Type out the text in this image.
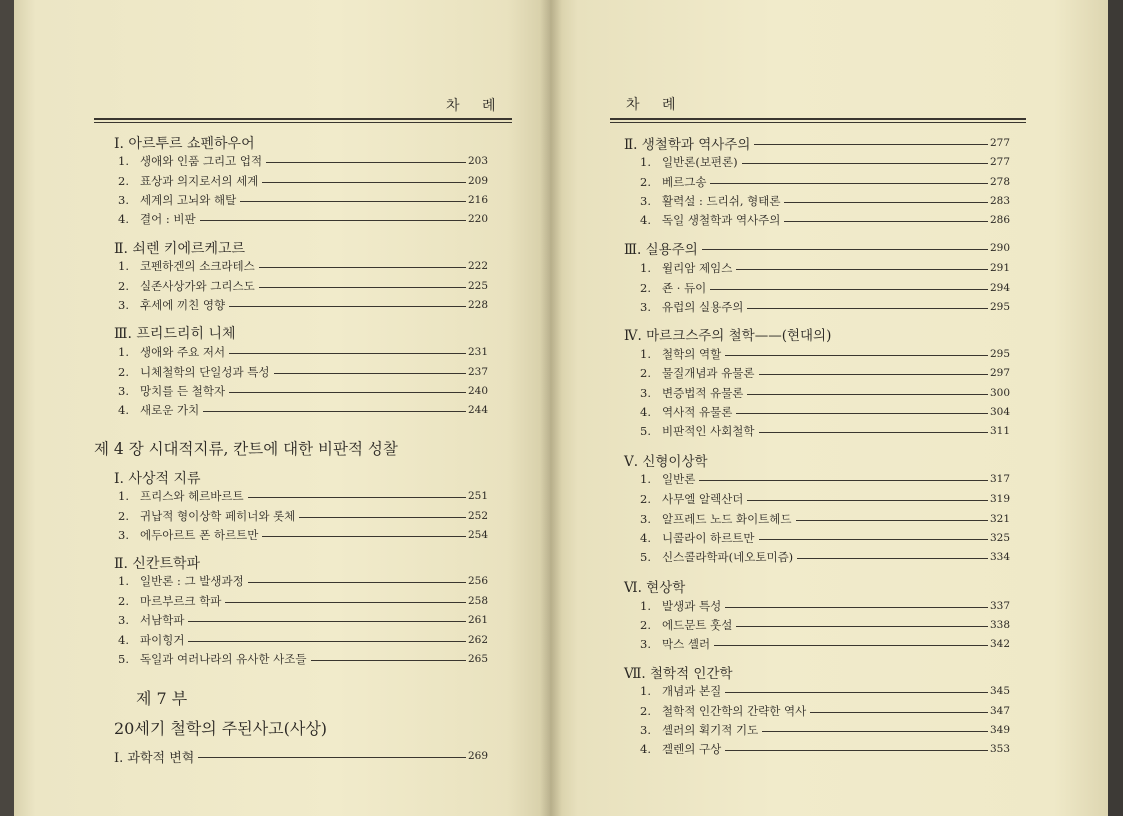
차 례
Ⅰ. 아르투르 쇼펜하우어
1. 생애와 인품 그리고 업적	203
2. 표상과 의지로서의 세계	209
3. 세계의 고뇌와 해탈	216
4. 결어 : 비판	220
Ⅱ. 쇠렌 키에르케고르
1. 코펜하겐의 소크라테스	222
2. 실존사상가와 그리스도	225
3. 후세에 끼친 영향	228
Ⅲ. 프리드리히 니체
1. 생애와 주요 저서	231
2. 니체철학의 단일성과 특성	237
3. 망치를 든 철학자	240
4. 새로운 가치	244
제 4 장 시대적지류, 칸트에 대한 비판적 성찰
Ⅰ. 사상적 지류
1. 프리스와 헤르바르트	251
2. 귀납적 형이상학 페히너와 롯체	252
3. 에두아르트 폰 하르트만	254
Ⅱ. 신칸트학파
1. 일반론 : 그 발생과정	256
2. 마르부르크 학파	258
3. 서남학파	261
4. 파이힝거	262
5. 독일과 여러나라의 유사한 사조들	265
제 7 부
20세기 철학의 주된사고(사상)
Ⅰ. 과학적 변혁	269
차 례
Ⅱ. 생철학과 역사주의	277
1. 일반론(보편론)	277
2. 베르그송	278
3. 활력설 : 드리쉬, 형태론	283
4. 독일 생철학과 역사주의	286
Ⅲ. 실용주의	290
1. 윌리암 제임스	291
2. 죤 · 듀이	294
3. 유럽의 실용주의	295
Ⅳ. 마르크스주의 철학——(현대의)
1. 철학의 역할	295
2. 물질개념과 유물론	297
3. 변증법적 유물론	300
4. 역사적 유물론	304
5. 비판적인 사회철학	311
Ⅴ. 신형이상학
1. 일반론	317
2. 사무엘 알렉산더	319
3. 알프레드 노드 화이트헤드	321
4. 니콜라이 하르트만	325
5. 신스콜라학파(네오토미즘)	334
Ⅵ. 현상학
1. 발생과 특성	337
2. 에드문트 훗설	338
3. 막스 셸러	342
Ⅶ. 철학적 인간학
1. 개념과 본질	345
2. 철학적 인간학의 간략한 역사	347
3. 셸러의 획기적 기도	349
4. 겔렌의 구상	353
